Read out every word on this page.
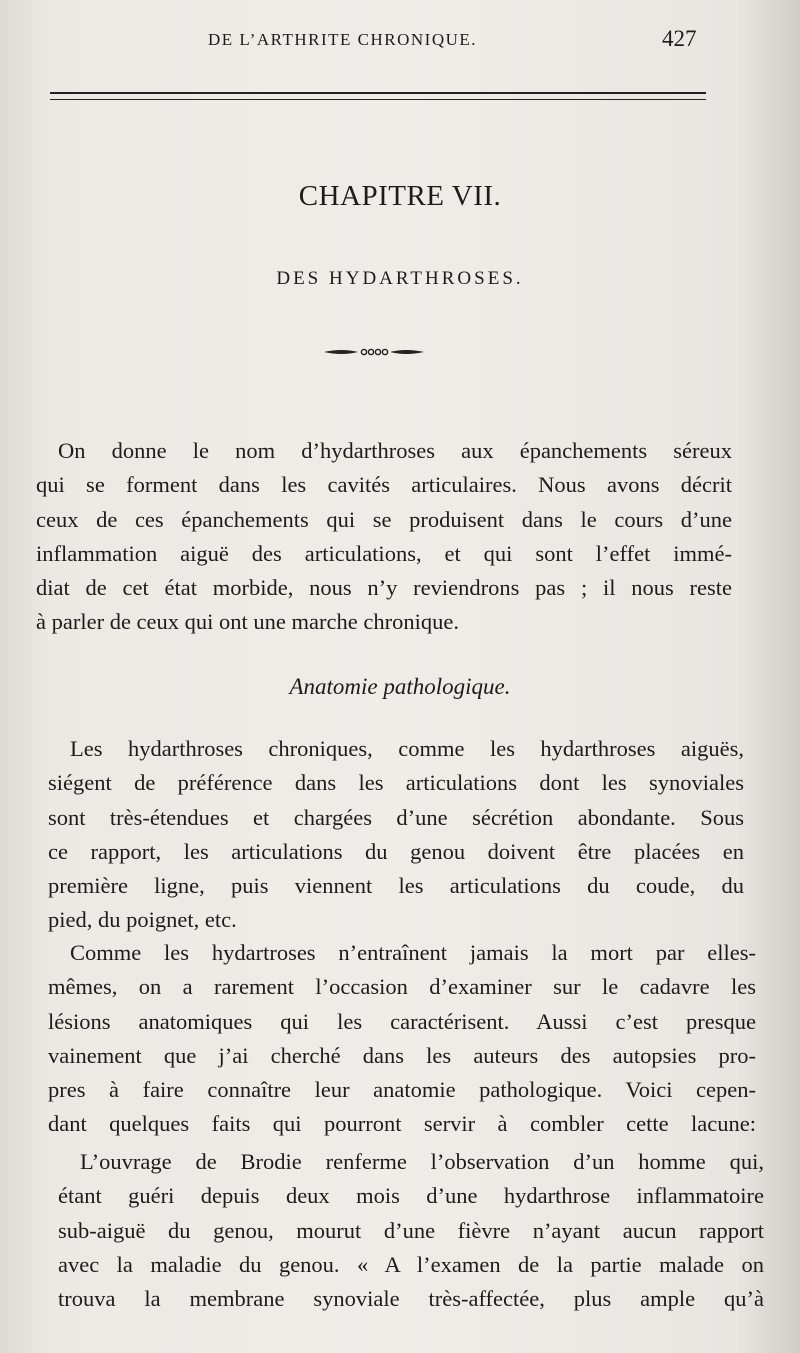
DE L’ARTHRITE CHRONIQUE.	427
CHAPITRE VII.
DES HYDARTHROSES.
On donne le nom d’hydarthroses aux épanchements séreux
qui se forment dans les cavités articulaires. Nous avons décrit
ceux de ces épanchements qui se produisent dans le cours d’une
inflammation aiguë des articulations, et qui sont l’effet immé-
diat de cet état morbide, nous n’y reviendrons pas ; il nous reste
à parler de ceux qui ont une marche chronique.
Anatomie pathologique.
Les hydarthroses chroniques, comme les hydarthroses aiguës,
siégent de préférence dans les articulations dont les synoviales
sont très-étendues et chargées d’une sécrétion abondante. Sous
ce rapport, les articulations du genou doivent être placées en
première ligne, puis viennent les articulations du coude, du
pied, du poignet, etc.
Comme les hydartroses n’entraînent jamais la mort par elles-
mêmes, on a rarement l’occasion d’examiner sur le cadavre les
lésions anatomiques qui les caractérisent. Aussi c’est presque
vainement que j’ai cherché dans les auteurs des autopsies pro-
pres à faire connaître leur anatomie pathologique. Voici cepen-
dant quelques faits qui pourront servir à combler cette lacune:
L’ouvrage de Brodie renferme l’observation d’un homme qui,
étant guéri depuis deux mois d’une hydarthrose inflammatoire
sub-aiguë du genou, mourut d’une fièvre n’ayant aucun rapport
avec la maladie du genou. « A l’examen de la partie malade on
trouva la membrane synoviale très-affectée, plus ample qu’à
